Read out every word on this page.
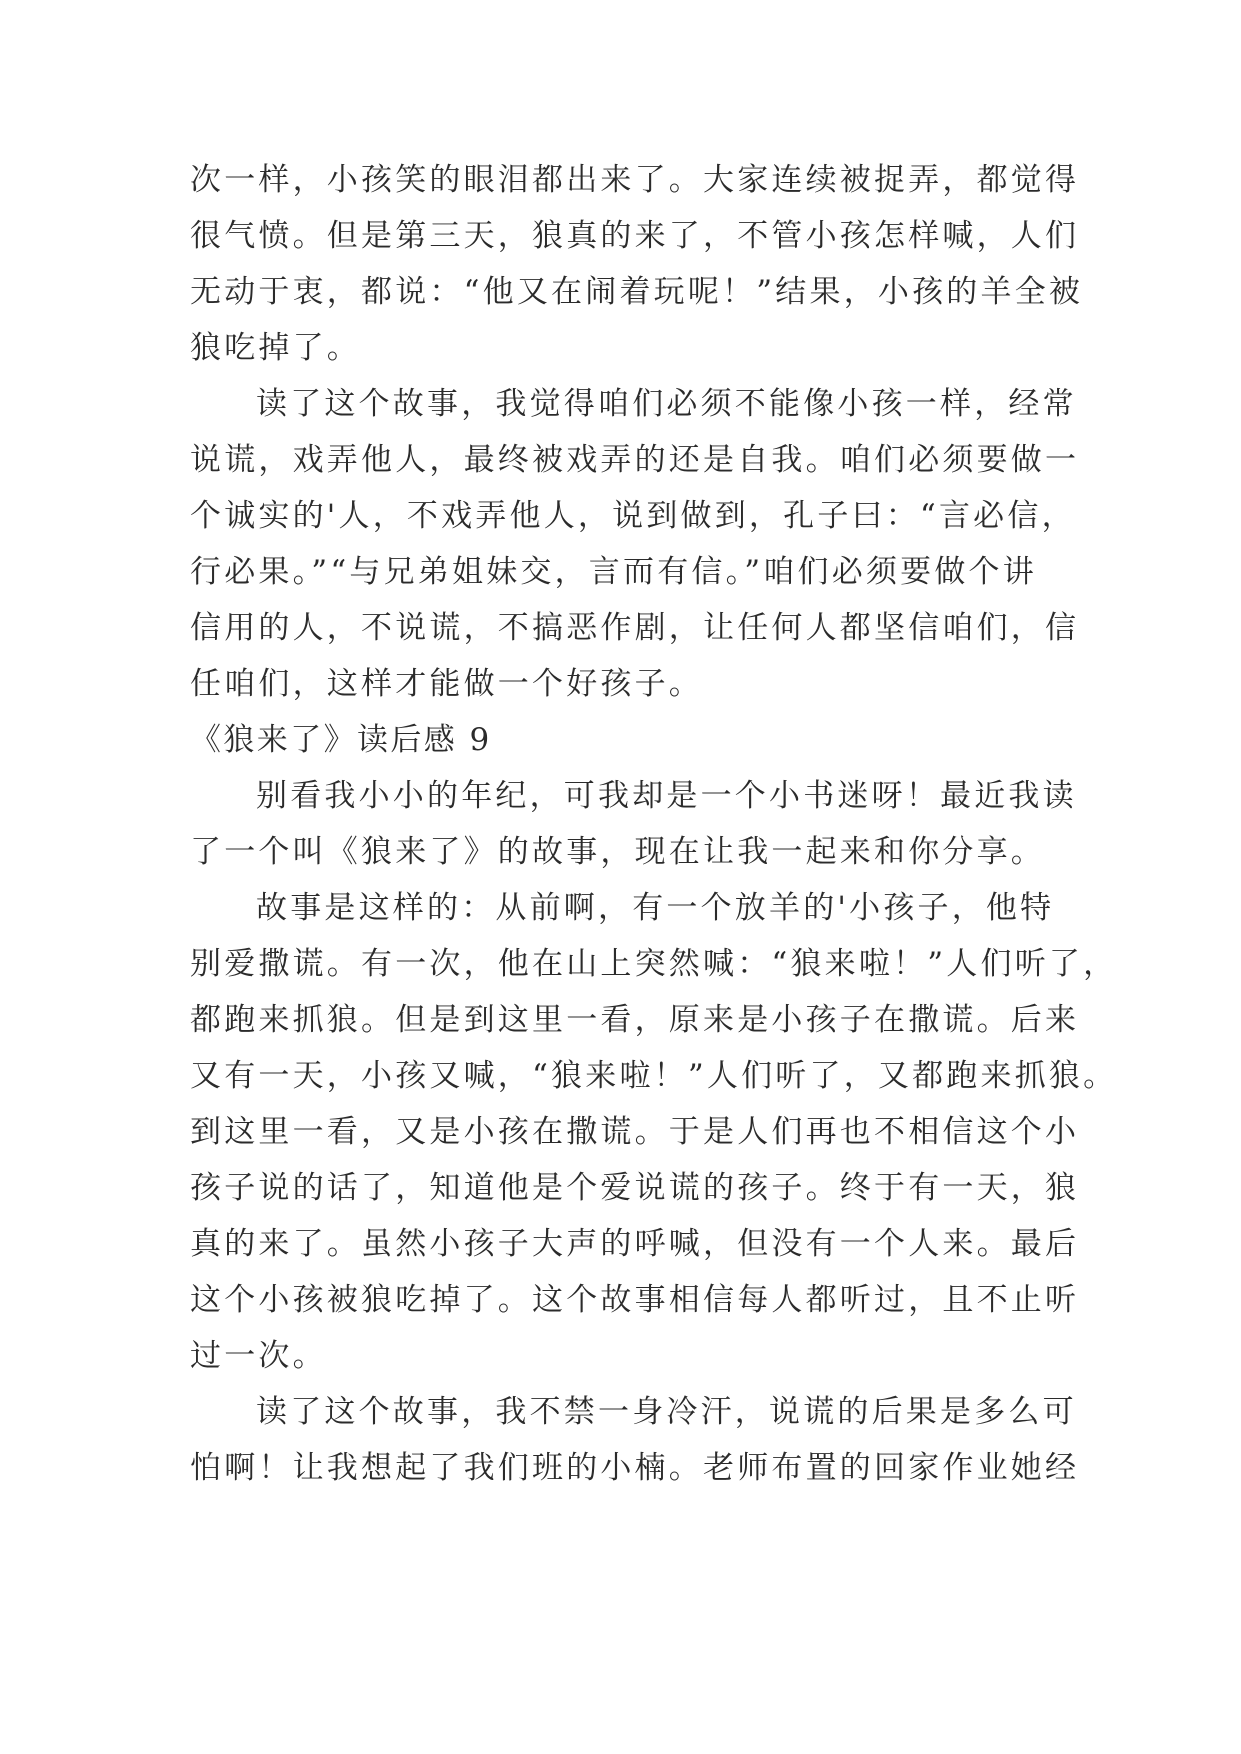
次一样，小孩笑的眼泪都出来了。大家连续被捉弄，都觉得
很气愤。但是第三天，狼真的来了，不管小孩怎样喊，人们
无动于衷，都说：“他又在闹着玩呢！”结果，小孩的羊全被
狼吃掉了。
读了这个故事，我觉得咱们必须不能像小孩一样，经常
说谎，戏弄他人，最终被戏弄的还是自我。咱们必须要做一
个诚实的'人，不戏弄他人，说到做到，孔子曰：“言必信，
行必果。”“与兄弟姐妹交，言而有信。”咱们必须要做个讲
信用的人，不说谎，不搞恶作剧，让任何人都坚信咱们，信
任咱们，这样才能做一个好孩子。
《狼来了》读后感 9
别看我小小的年纪，可我却是一个小书迷呀！最近我读
了一个叫《狼来了》的故事，现在让我一起来和你分享。
故事是这样的：从前啊，有一个放羊的'小孩子，他特
别爱撒谎。有一次，他在山上突然喊：“狼来啦！”人们听了，
都跑来抓狼。但是到这里一看，原来是小孩子在撒谎。后来
又有一天，小孩又喊，“狼来啦！”人们听了，又都跑来抓狼。
到这里一看，又是小孩在撒谎。于是人们再也不相信这个小
孩子说的话了，知道他是个爱说谎的孩子。终于有一天，狼
真的来了。虽然小孩子大声的呼喊，但没有一个人来。最后
这个小孩被狼吃掉了。这个故事相信每人都听过，且不止听
过一次。
读了这个故事，我不禁一身冷汗，说谎的后果是多么可
怕啊！让我想起了我们班的小楠。老师布置的回家作业她经
